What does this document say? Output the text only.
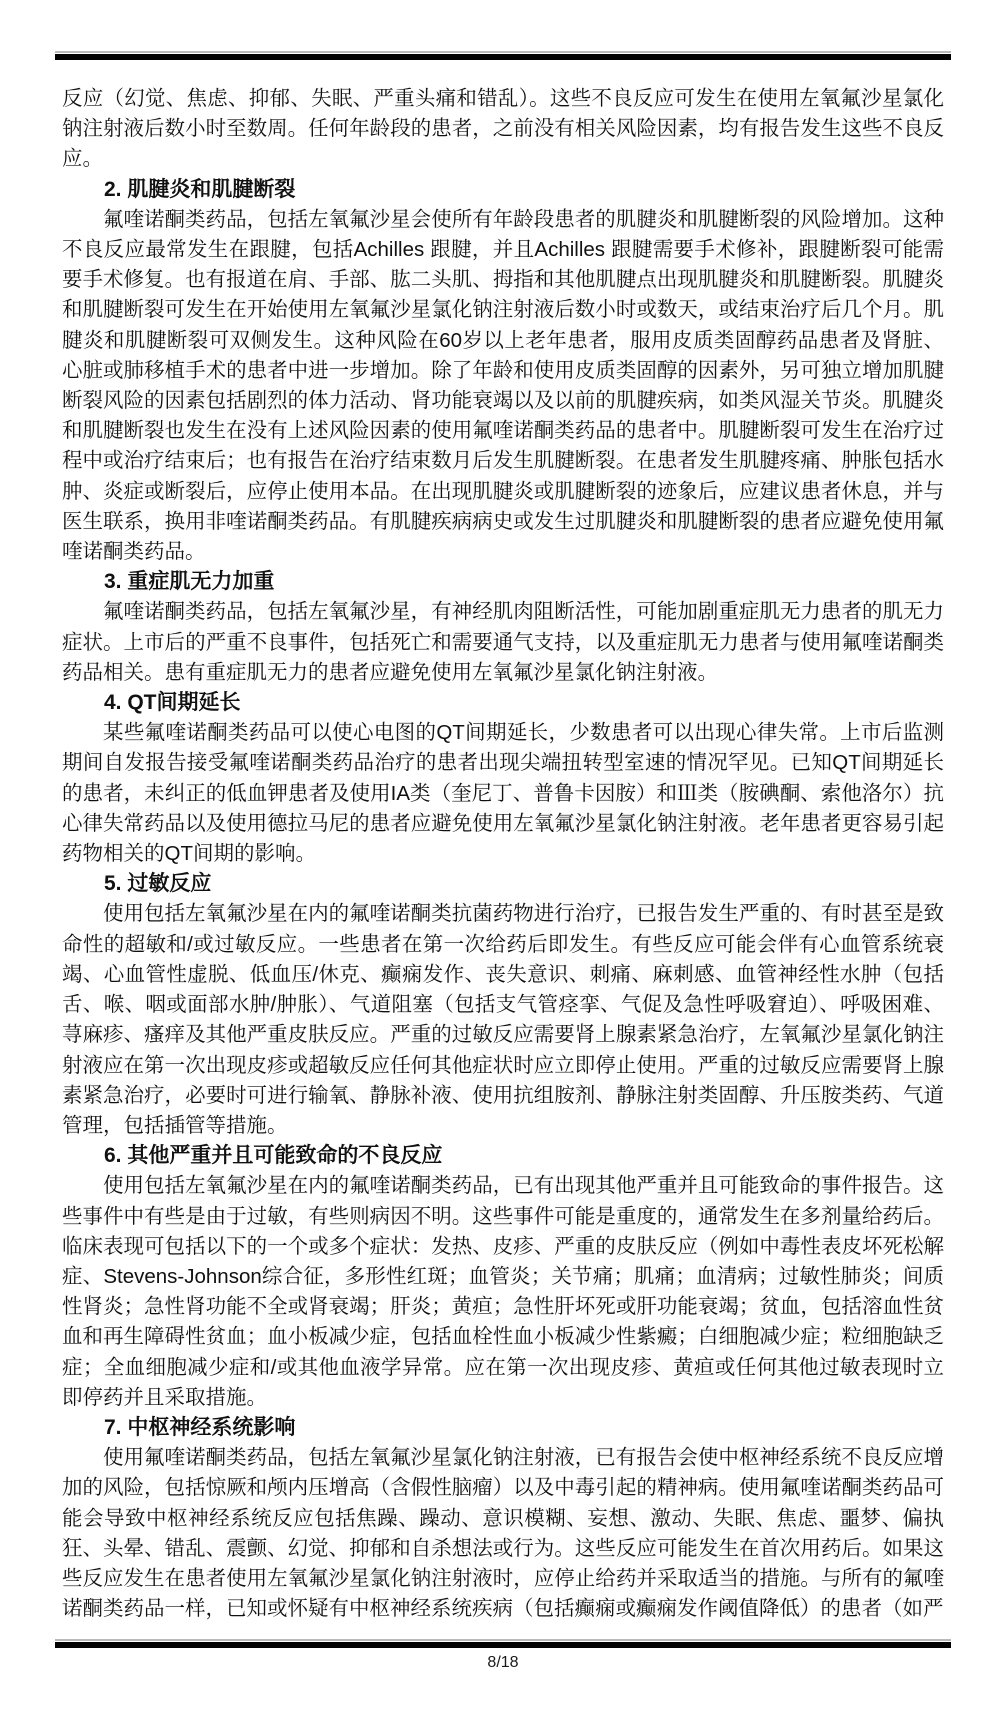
反应（幻觉、焦虑、抑郁、失眠、严重头痛和错乱）。这些不良反应可发生在使用左氧氟沙星氯化钠注射液后数小时至数周。任何年龄段的患者，之前没有相关风险因素，均有报告发生这些不良反应。

2. 肌腱炎和肌腱断裂

氟喹诺酮类药品，包括左氧氟沙星会使所有年龄段患者的肌腱炎和肌腱断裂的风险增加。这种不良反应最常发生在跟腱，包括Achilles 跟腱，并且Achilles 跟腱需要手术修补，跟腱断裂可能需要手术修复。也有报道在肩、手部、肱二头肌、拇指和其他肌腱点出现肌腱炎和肌腱断裂。肌腱炎和肌腱断裂可发生在开始使用左氧氟沙星氯化钠注射液后数小时或数天，或结束治疗后几个月。肌腱炎和肌腱断裂可双侧发生。这种风险在60岁以上老年患者，服用皮质类固醇药品患者及肾脏、心脏或肺移植手术的患者中进一步增加。除了年龄和使用皮质类固醇的因素外，另可独立增加肌腱断裂风险的因素包括剧烈的体力活动、肾功能衰竭以及以前的肌腱疾病，如类风湿关节炎。肌腱炎和肌腱断裂也发生在没有上述风险因素的使用氟喹诺酮类药品的患者中。肌腱断裂可发生在治疗过程中或治疗结束后；也有报告在治疗结束数月后发生肌腱断裂。在患者发生肌腱疼痛、肿胀包括水肿、炎症或断裂后，应停止使用本品。在出现肌腱炎或肌腱断裂的迹象后，应建议患者休息，并与医生联系，换用非喹诺酮类药品。有肌腱疾病病史或发生过肌腱炎和肌腱断裂的患者应避免使用氟喹诺酮类药品。

3. 重症肌无力加重

氟喹诺酮类药品，包括左氧氟沙星，有神经肌肉阻断活性，可能加剧重症肌无力患者的肌无力症状。上市后的严重不良事件，包括死亡和需要通气支持，以及重症肌无力患者与使用氟喹诺酮类药品相关。患有重症肌无力的患者应避免使用左氧氟沙星氯化钠注射液。

4. QT间期延长

某些氟喹诺酮类药品可以使心电图的QT间期延长，少数患者可以出现心律失常。上市后监测期间自发报告接受氟喹诺酮类药品治疗的患者出现尖端扭转型室速的情况罕见。已知QT间期延长的患者，未纠正的低血钾患者及使用IA类（奎尼丁、普鲁卡因胺）和Ⅲ类（胺碘酮、索他洛尔）抗心律失常药品以及使用德拉马尼的患者应避免使用左氧氟沙星氯化钠注射液。老年患者更容易引起药物相关的QT间期的影响。

5. 过敏反应

使用包括左氧氟沙星在内的氟喹诺酮类抗菌药物进行治疗，已报告发生严重的、有时甚至是致命性的超敏和/或过敏反应。一些患者在第一次给药后即发生。有些反应可能会伴有心血管系统衰竭、心血管性虚脱、低血压/休克、癫痫发作、丧失意识、刺痛、麻刺感、血管神经性水肿（包括舌、喉、咽或面部水肿/肿胀）、气道阻塞（包括支气管痉挛、气促及急性呼吸窘迫）、呼吸困难、荨麻疹、瘙痒及其他严重皮肤反应。严重的过敏反应需要肾上腺素紧急治疗，左氧氟沙星氯化钠注射液应在第一次出现皮疹或超敏反应任何其他症状时应立即停止使用。严重的过敏反应需要肾上腺素紧急治疗，必要时可进行输氧、静脉补液、使用抗组胺剂、静脉注射类固醇、升压胺类药、气道管理，包括插管等措施。

6. 其他严重并且可能致命的不良反应

使用包括左氧氟沙星在内的氟喹诺酮类药品，已有出现其他严重并且可能致命的事件报告。这些事件中有些是由于过敏，有些则病因不明。这些事件可能是重度的，通常发生在多剂量给药后。临床表现可包括以下的一个或多个症状：发热、皮疹、严重的皮肤反应（例如中毒性表皮坏死松解症、Stevens-Johnson综合征，多形性红斑；血管炎；关节痛；肌痛；血清病；过敏性肺炎；间质性肾炎；急性肾功能不全或肾衰竭；肝炎；黄疸；急性肝坏死或肝功能衰竭；贫血，包括溶血性贫血和再生障碍性贫血；血小板减少症，包括血栓性血小板减少性紫癜；白细胞减少症；粒细胞缺乏症；全血细胞减少症和/或其他血液学异常。应在第一次出现皮疹、黄疸或任何其他过敏表现时立即停药并且采取措施。

7. 中枢神经系统影响

使用氟喹诺酮类药品，包括左氧氟沙星氯化钠注射液，已有报告会使中枢神经系统不良反应增加的风险，包括惊厥和颅内压增高（含假性脑瘤）以及中毒引起的精神病。使用氟喹诺酮类药品可能会导致中枢神经系统反应包括焦躁、躁动、意识模糊、妄想、激动、失眠、焦虑、噩梦、偏执狂、头晕、错乱、震颤、幻觉、抑郁和自杀想法或行为。这些反应可能发生在首次用药后。如果这些反应发生在患者使用左氧氟沙星氯化钠注射液时，应停止给药并采取适当的措施。与所有的氟喹诺酮类药品一样，已知或怀疑有中枢神经系统疾病（包括癫痫或癫痫发作阈值降低）的患者（如严

8/18
